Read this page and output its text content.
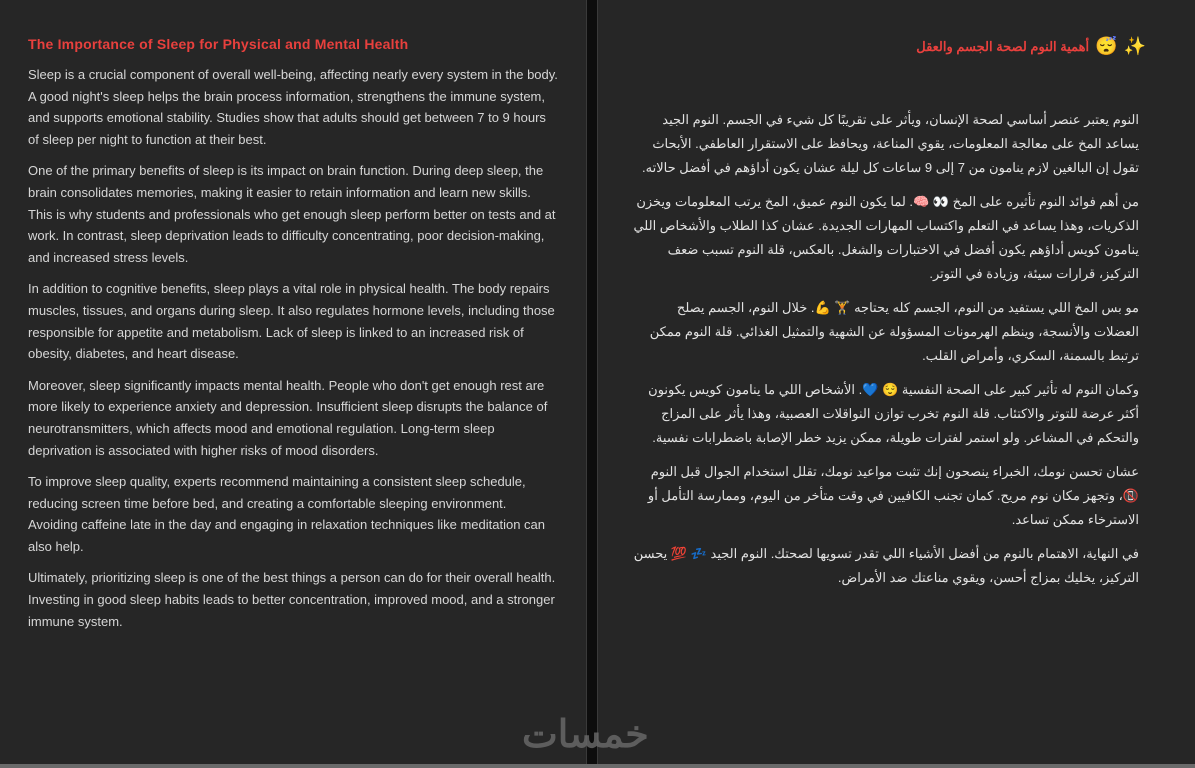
The Importance of Sleep for Physical and Mental Health

Sleep is a crucial component of overall well-being, affecting nearly every system in the body. A good night's sleep helps the brain process information, strengthens the immune system, and supports emotional stability. Studies show that adults should get between 7 to 9 hours of sleep per night to function at their best.

One of the primary benefits of sleep is its impact on brain function. During deep sleep, the brain consolidates memories, making it easier to retain information and learn new skills. This is why students and professionals who get enough sleep perform better on tests and at work. In contrast, sleep deprivation leads to difficulty concentrating, poor decision-making, and increased stress levels.

In addition to cognitive benefits, sleep plays a vital role in physical health. The body repairs muscles, tissues, and organs during sleep. It also regulates hormone levels, including those responsible for appetite and metabolism. Lack of sleep is linked to an increased risk of obesity, diabetes, and heart disease.

Moreover, sleep significantly impacts mental health. People who don't get enough rest are more likely to experience anxiety and depression. Insufficient sleep disrupts the balance of neurotransmitters, which affects mood and emotional regulation. Long-term sleep deprivation is associated with higher risks of mood disorders.

To improve sleep quality, experts recommend maintaining a consistent sleep schedule, reducing screen time before bed, and creating a comfortable sleeping environment. Avoiding caffeine late in the day and engaging in relaxation techniques like meditation can also help.

Ultimately, prioritizing sleep is one of the best things a person can do for their overall health. Investing in good sleep habits leads to better concentration, improved mood, and a stronger immune system.

✨
😴
أهمية النوم لصحة الجسم والعقل

النوم يعتبر عنصر أساسي لصحة الإنسان، ويأثر على تقريبًا كل شيء في الجسم. النوم الجيد يساعد المخ على معالجة المعلومات، يقوي المناعة، ويحافظ على الاستقرار العاطفي. الأبحاث تقول إن البالغين لازم ينامون من 7 إلى 9 ساعات كل ليلة عشان يكون أداؤهم في أفضل حالاته.

من أهم فوائد النوم تأثيره على المخ 👀 🧠. لما يكون النوم عميق، المخ يرتب المعلومات ويخزن الذكريات، وهذا يساعد في التعلم واكتساب المهارات الجديدة. عشان كذا الطلاب والأشخاص اللي ينامون كويس أداؤهم يكون أفضل في الاختبارات والشغل. بالعكس، قلة النوم تسبب ضعف التركيز، قرارات سيئة، وزيادة في التوتر.

مو بس المخ اللي يستفيد من النوم، الجسم كله يحتاجه 🏋️ 💪. خلال النوم، الجسم يصلح العضلات والأنسجة، وينظم الهرمونات المسؤولة عن الشهية والتمثيل الغذائي. قلة النوم ممكن ترتبط بالسمنة، السكري، وأمراض القلب.

وكمان النوم له تأثير كبير على الصحة النفسية 😌 💙. الأشخاص اللي ما ينامون كويس يكونون أكثر عرضة للتوتر والاكتئاب. قلة النوم تخرب توازن النواقلات العصبية، وهذا يأثر على المزاج والتحكم في المشاعر. ولو استمر لفترات طويلة، ممكن يزيد خطر الإصابة باضطرابات نفسية.

عشان تحسن نومك، الخبراء ينصحون إنك تثبت مواعيد نومك، تقلل استخدام الجوال قبل النوم 📵، وتجهز مكان نوم مريح. كمان تجنب الكافيين في وقت متأخر من اليوم، وممارسة التأمل أو الاسترخاء ممكن تساعد.

في النهاية، الاهتمام بالنوم من أفضل الأشياء اللي تقدر تسويها لصحتك. النوم الجيد 💤 💯 يحسن التركيز، يخليك بمزاج أحسن، ويقوي مناعتك ضد الأمراض.

خمسات
